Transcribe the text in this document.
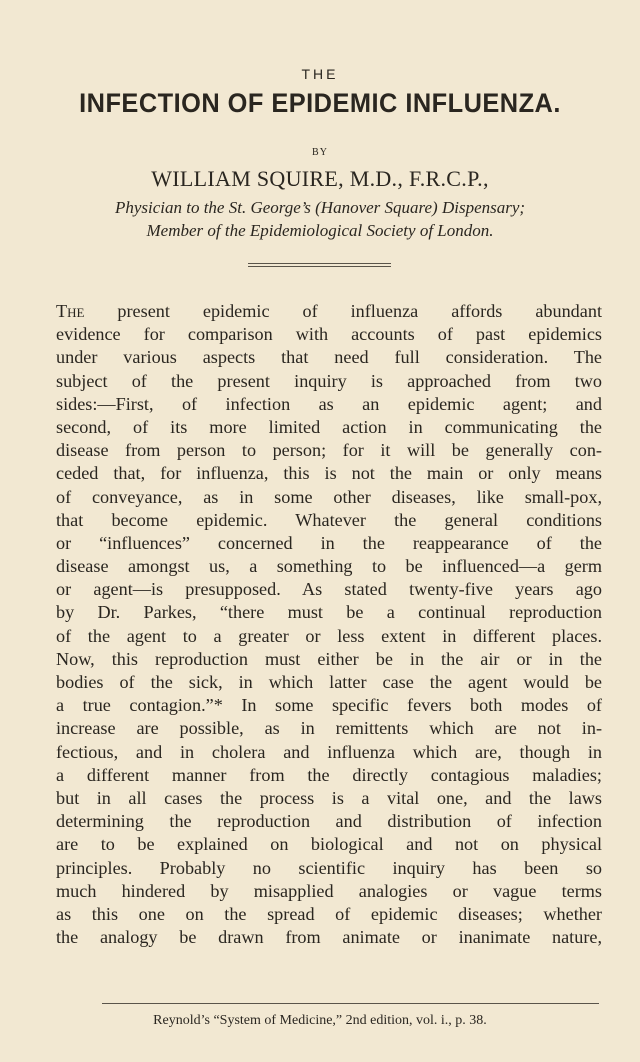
THE
INFECTION OF EPIDEMIC INFLUENZA.
BY
WILLIAM SQUIRE, M.D., F.R.C.P.,
Physician to the St. George’s (Hanover Square) Dispensary;
Member of the Epidemiological Society of London.
The present epidemic of influenza affords abundant
evidence for comparison with accounts of past epidemics
under various aspects that need full consideration. The
subject of the present inquiry is approached from two
sides:—First, of infection as an epidemic agent; and
second, of its more limited action in communicating the
disease from person to person; for it will be generally con-
ceded that, for influenza, this is not the main or only means
of conveyance, as in some other diseases, like small-pox,
that become epidemic. Whatever the general conditions
or “influences” concerned in the reappearance of the
disease amongst us, a something to be influenced—a germ
or agent—is presupposed. As stated twenty-five years ago
by Dr. Parkes, “there must be a continual reproduction
of the agent to a greater or less extent in different places.
Now, this reproduction must either be in the air or in the
bodies of the sick, in which latter case the agent would be
a true contagion.”* In some specific fevers both modes of
increase are possible, as in remittents which are not in-
fectious, and in cholera and influenza which are, though in
a different manner from the directly contagious maladies;
but in all cases the process is a vital one, and the laws
determining the reproduction and distribution of infection
are to be explained on biological and not on physical
principles. Probably no scientific inquiry has been so
much hindered by misapplied analogies or vague terms
as this one on the spread of epidemic diseases; whether
the analogy be drawn from animate or inanimate nature,
Reynold’s “System of Medicine,” 2nd edition, vol. i., p. 38.
